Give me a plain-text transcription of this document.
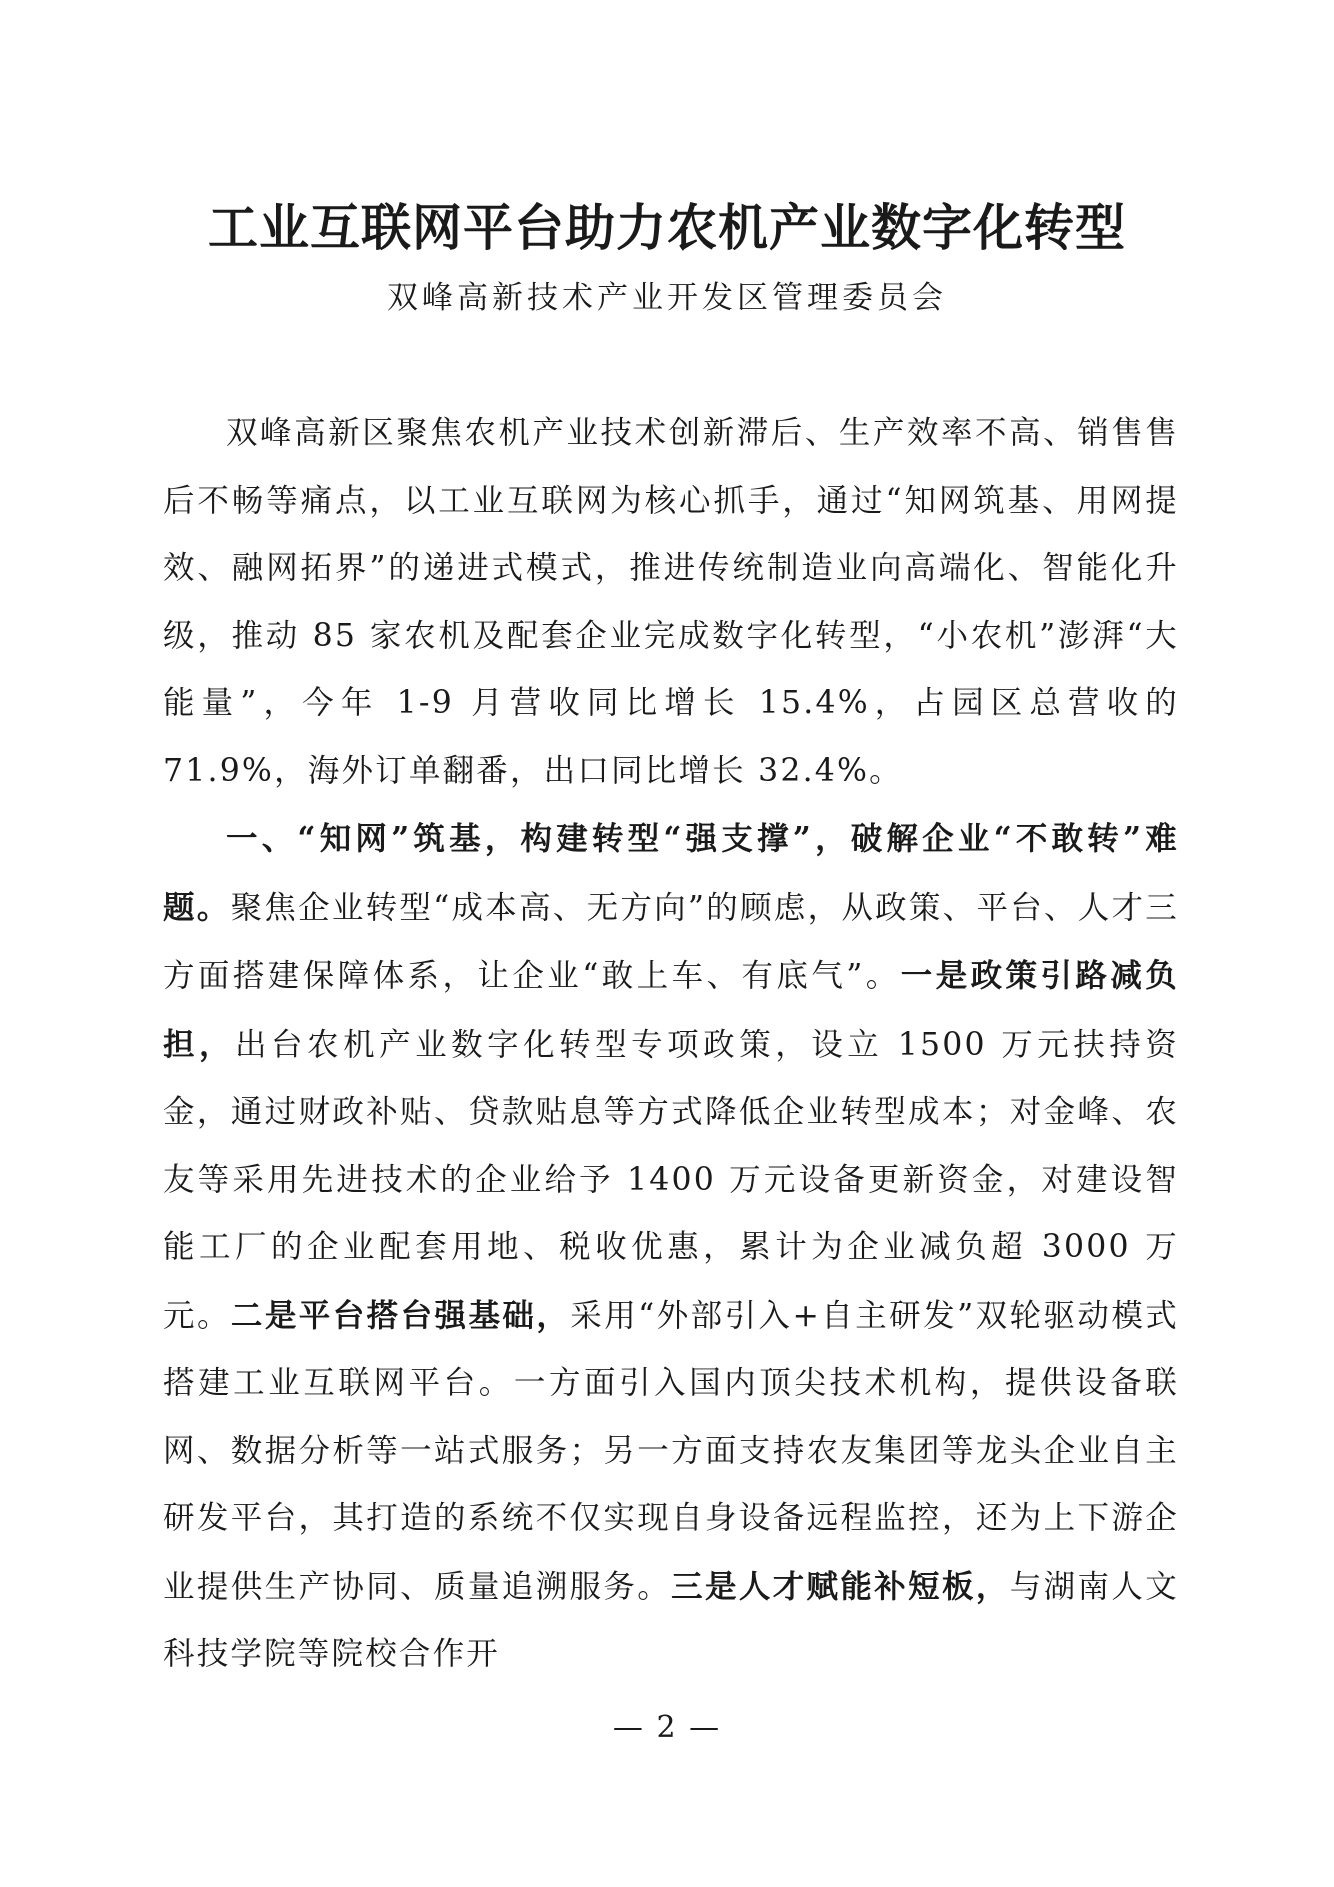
工业互联网平台助力农机产业数字化转型
双峰高新技术产业开发区管理委员会

双峰高新区聚焦农机产业技术创新滞后、生产效率不高、销售售后不畅等痛点，以工业互联网为核心抓手，通过“知网筑基、用网提效、融网拓界”的递进式模式，推进传统制造业向高端化、智能化升级，推动 85 家农机及配套企业完成数字化转型，“小农机”澎湃“大能量”，今年 1-9 月营收同比增长 15.4%，占园区总营收的 71.9%，海外订单翻番，出口同比增长 32.4%。

一、“知网”筑基，构建转型“强支撑”，破解企业“不敢转”难题。聚焦企业转型“成本高、无方向”的顾虑，从政策、平台、人才三方面搭建保障体系，让企业“敢上车、有底气”。一是政策引路减负担，出台农机产业数字化转型专项政策，设立 1500 万元扶持资金，通过财政补贴、贷款贴息等方式降低企业转型成本；对金峰、农友等采用先进技术的企业给予 1400 万元设备更新资金，对建设智能工厂的企业配套用地、税收优惠，累计为企业减负超 3000 万元。二是平台搭台强基础，采用“外部引入+自主研发”双轮驱动模式搭建工业互联网平台。一方面引入国内顶尖技术机构，提供设备联网、数据分析等一站式服务；另一方面支持农友集团等龙头企业自主研发平台，其打造的系统不仅实现自身设备远程监控，还为上下游企业提供生产协同、质量追溯服务。三是人才赋能补短板，与湖南人文科技学院等院校合作开

— 2 —
